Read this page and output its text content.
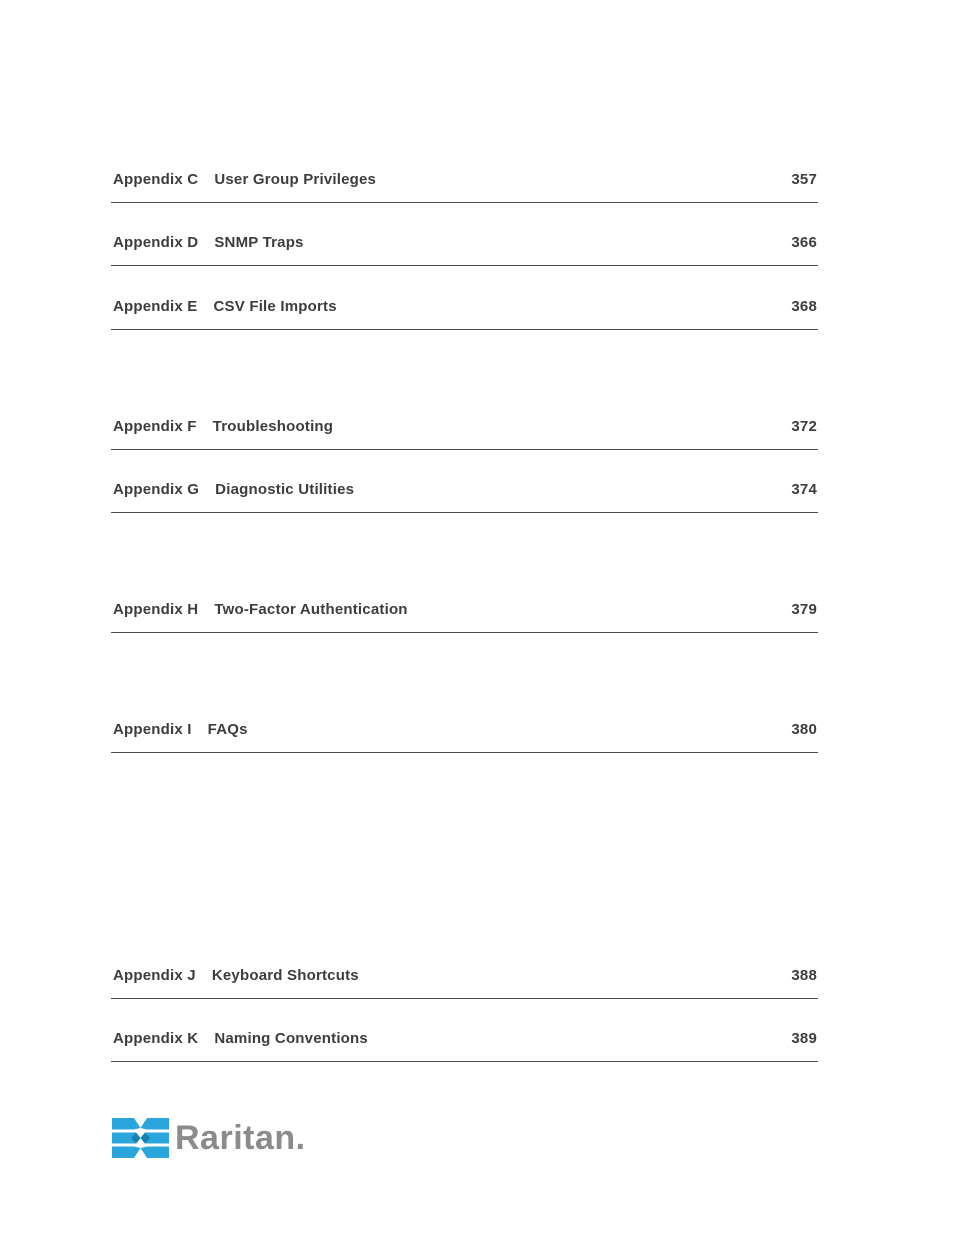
Appendix C User Group Privileges	357
Appendix D SNMP Traps	366
Appendix E CSV File Imports	368
Appendix F Troubleshooting	372
Appendix G Diagnostic Utilities	374
Appendix H Two-Factor Authentication	379
Appendix I FAQs	380
Appendix J Keyboard Shortcuts	388
Appendix K Naming Conventions	389
Raritan.
